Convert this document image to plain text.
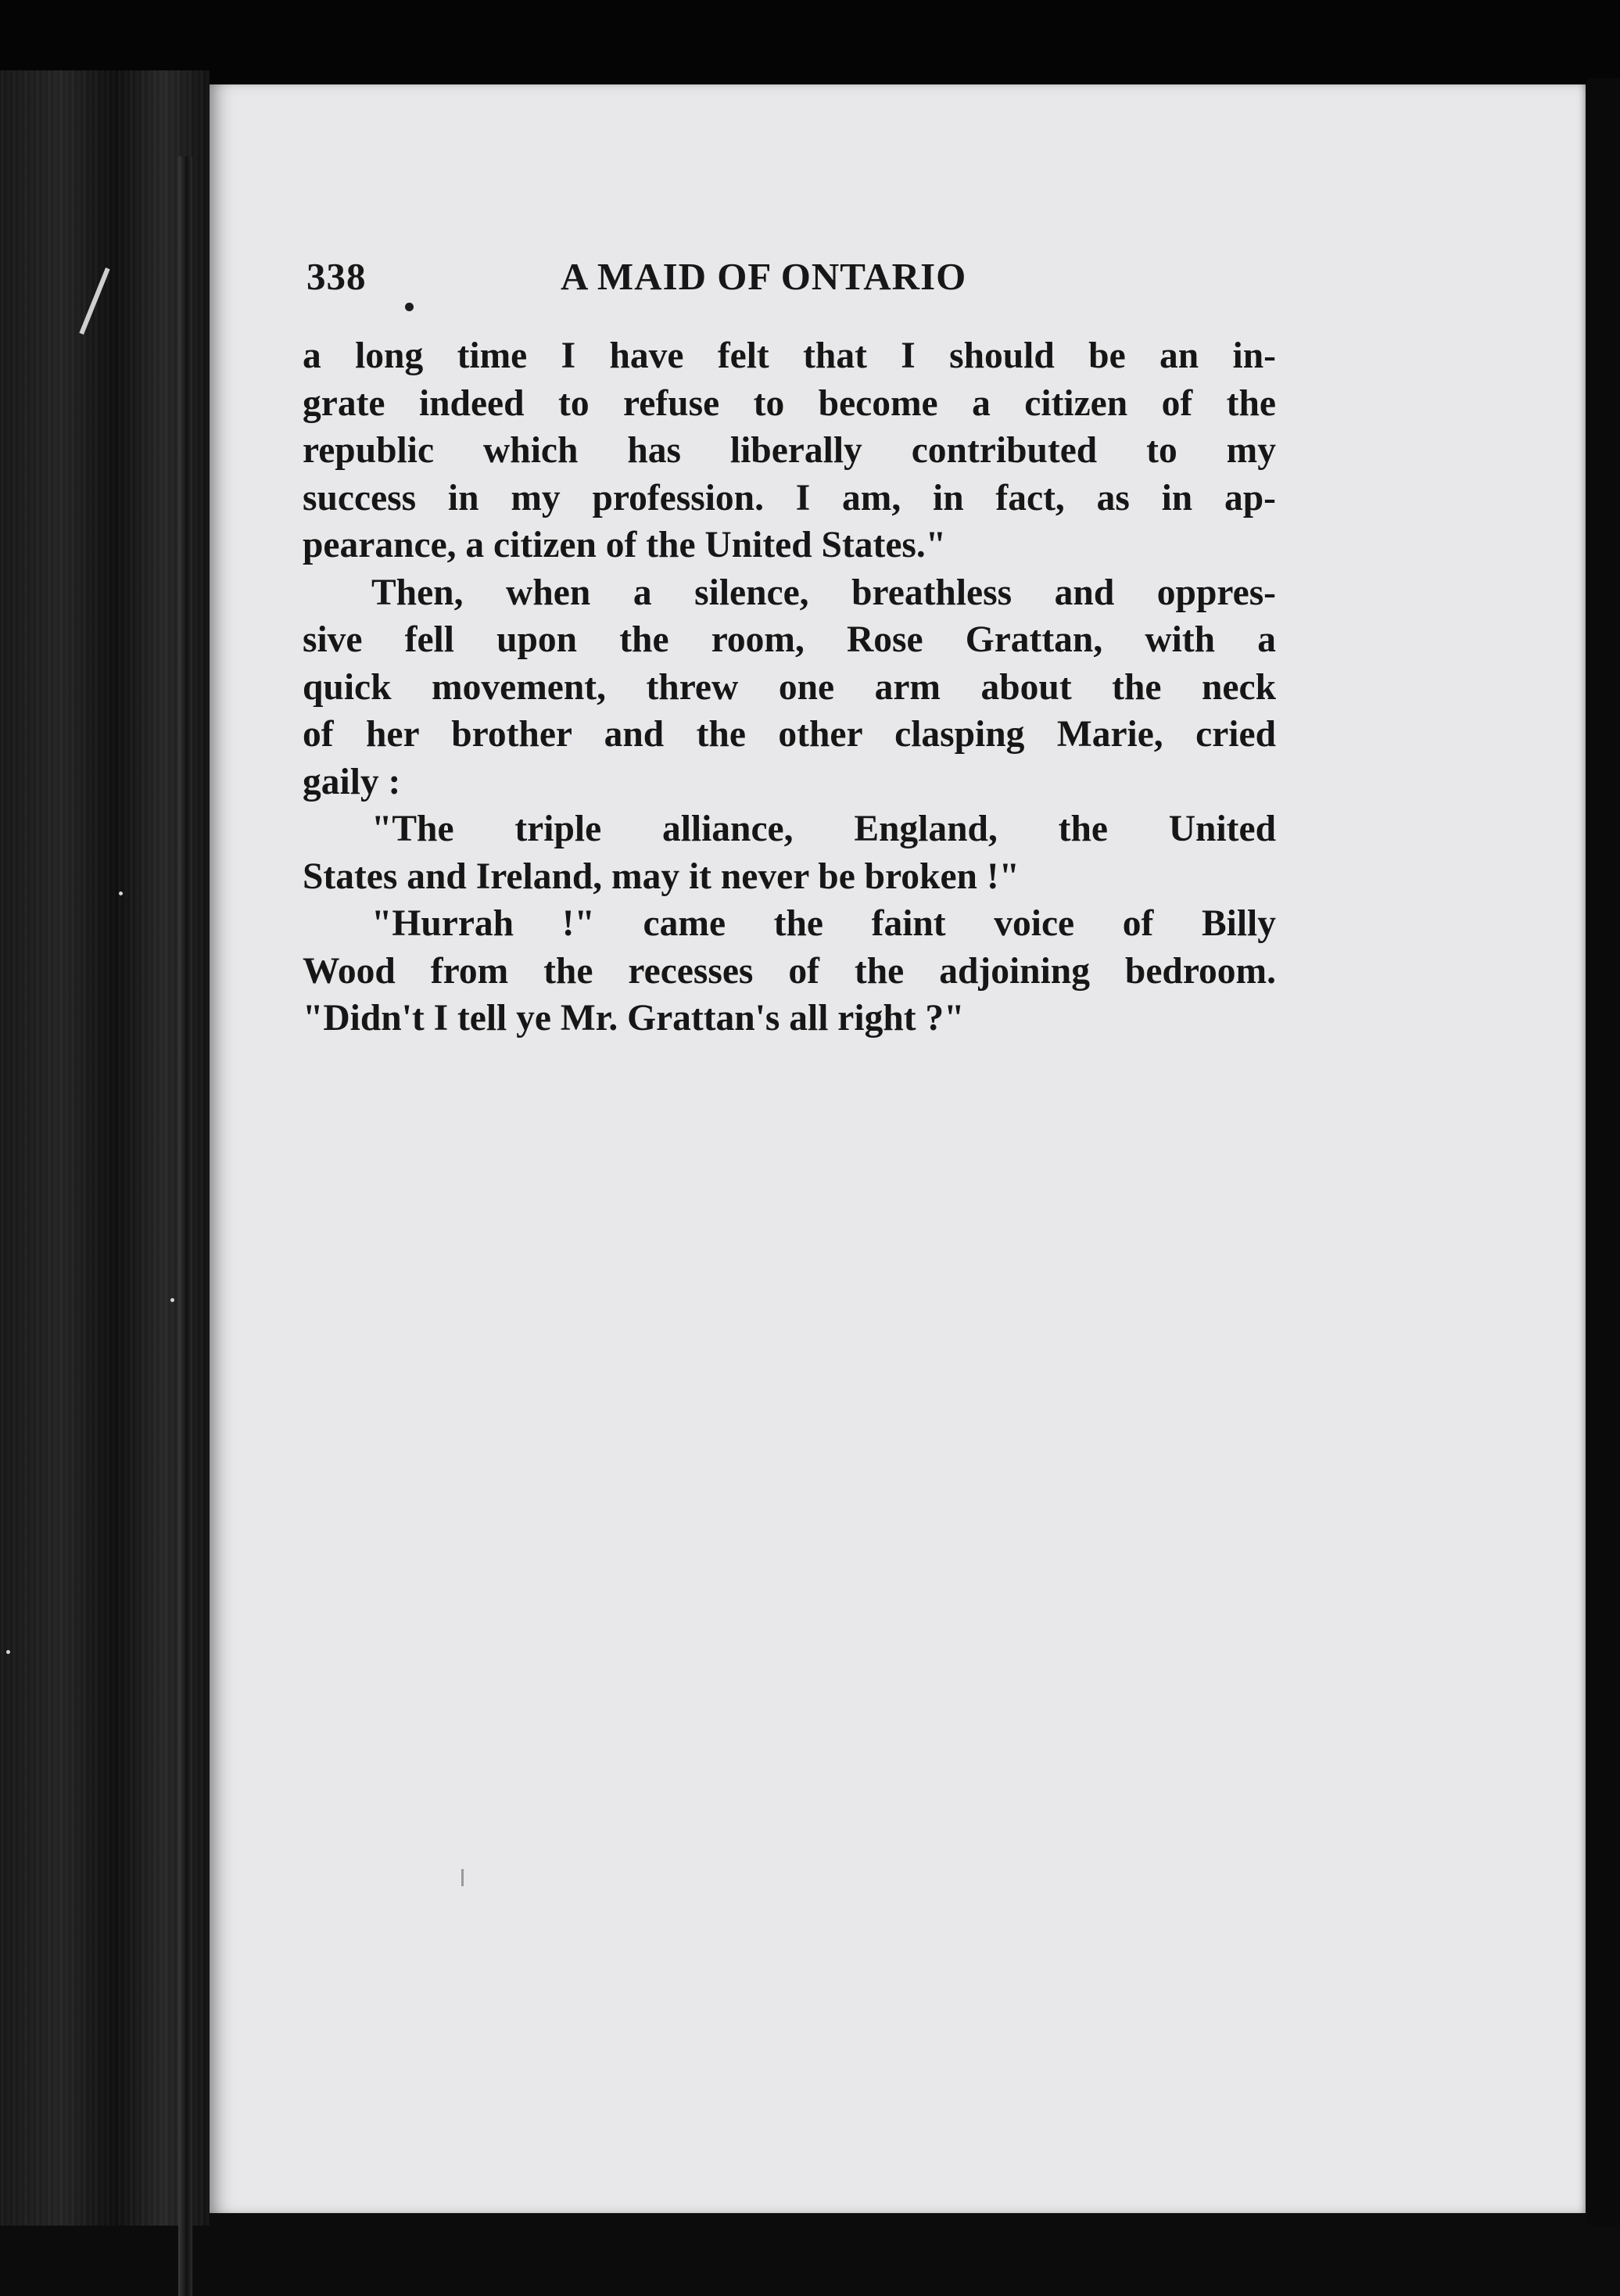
338	A MAID OF ONTARIO
a long time I have felt that I should be an in-
grate indeed to refuse to become a citizen of the
republic which has liberally contributed to my
success in my profession. I am, in fact, as in ap-
pearance, a citizen of the United States."
Then, when a silence, breathless and oppres-
sive fell upon the room, Rose Grattan, with a
quick movement, threw one arm about the neck
of her brother and the other clasping Marie, cried
gaily :
"The triple alliance, England, the United
States and Ireland, may it never be broken !"
"Hurrah !" came the faint voice of Billy
Wood from the recesses of the adjoining bedroom.
"Didn't I tell ye Mr. Grattan's all right ?"
